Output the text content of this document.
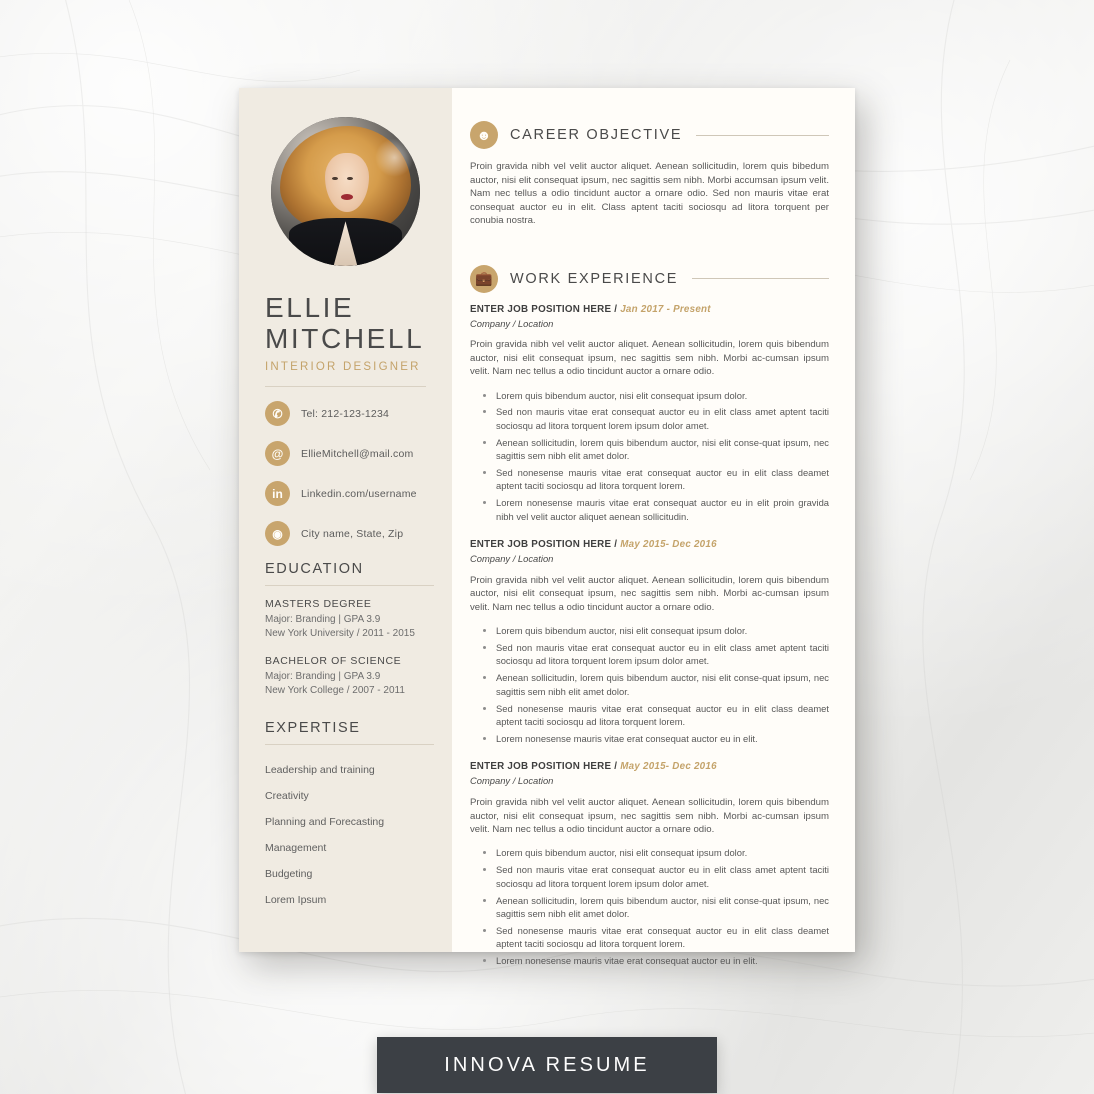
ELLIE
MITCHELL
INTERIOR DESIGNER
✆	Tel: 212-123-1234
@	EllieMitchell@mail.com
in	Linkedin.com/username
◉	City name, State, Zip
EDUCATION
MASTERS DEGREE
Major: Branding | GPA 3.9
New York University / 2011 - 2015
BACHELOR OF SCIENCE
Major: Branding | GPA 3.9
New York College / 2007 - 2011
EXPERTISE
Leadership and training
Creativity
Planning and Forecasting
Management
Budgeting
Lorem Ipsum
☻	CAREER OBJECTIVE

Proin gravida nibh vel velit auctor aliquet. Aenean sollicitudin, lorem quis bibedum auctor, nisi elit consequat ipsum, nec sagittis sem nibh. Morbi accumsan ipsum velit. Nam nec tellus a odio tincidunt auctor a ornare odio. Sed non mauris vitae erat consequat auctor eu in elit. Class aptent taciti sociosqu ad litora torquent per conubia nostra.

💼	WORK EXPERIENCE
ENTER JOB POSITION HERE / Jan 2017 - Present
Company / Location

Proin gravida nibh vel velit auctor aliquet. Aenean sollicitudin, lorem quis bibendum auctor, nisi elit consequat ipsum, nec sagittis sem nibh. Morbi ac-cumsan ipsum velit. Nam nec tellus a odio tincidunt auctor a ornare odio.

• Lorem quis bibendum auctor, nisi elit consequat ipsum dolor.
• Sed non mauris vitae erat consequat auctor eu in elit class amet aptent taciti sociosqu ad litora torquent lorem ipsum dolor amet.
• Aenean sollicitudin, lorem quis bibendum auctor, nisi elit conse-quat ipsum, nec sagittis sem nibh elit amet dolor.
• Sed nonesense mauris vitae erat consequat auctor eu in elit class deamet aptent taciti sociosqu ad litora torquent lorem.
• Lorem nonesense mauris vitae erat consequat auctor eu in elit proin gravida nibh vel velit auctor aliquet aenean sollicitudin.
ENTER JOB POSITION HERE / May 2015- Dec 2016
Company / Location

Proin gravida nibh vel velit auctor aliquet. Aenean sollicitudin, lorem quis bibendum auctor, nisi elit consequat ipsum, nec sagittis sem nibh. Morbi ac-cumsan ipsum velit. Nam nec tellus a odio tincidunt auctor a ornare odio.

• Lorem quis bibendum auctor, nisi elit consequat ipsum dolor.
• Sed non mauris vitae erat consequat auctor eu in elit class amet aptent taciti sociosqu ad litora torquent lorem ipsum dolor amet.
• Aenean sollicitudin, lorem quis bibendum auctor, nisi elit conse-quat ipsum, nec sagittis sem nibh elit amet dolor.
• Sed nonesense mauris vitae erat consequat auctor eu in elit class deamet aptent taciti sociosqu ad litora torquent lorem.
• Lorem nonesense mauris vitae erat consequat auctor eu in elit.
ENTER JOB POSITION HERE / May 2015- Dec 2016
Company / Location

Proin gravida nibh vel velit auctor aliquet. Aenean sollicitudin, lorem quis bibendum auctor, nisi elit consequat ipsum, nec sagittis sem nibh. Morbi ac-cumsan ipsum velit. Nam nec tellus a odio tincidunt auctor a ornare odio.

• Lorem quis bibendum auctor, nisi elit consequat ipsum dolor.
• Sed non mauris vitae erat consequat auctor eu in elit class amet aptent taciti sociosqu ad litora torquent lorem ipsum dolor amet.
• Aenean sollicitudin, lorem quis bibendum auctor, nisi elit conse-quat ipsum, nec sagittis sem nibh elit amet dolor.
• Sed nonesense mauris vitae erat consequat auctor eu in elit class deamet aptent taciti sociosqu ad litora torquent lorem.
• Lorem nonesense mauris vitae erat consequat auctor eu in elit.
INNOVA RESUME
